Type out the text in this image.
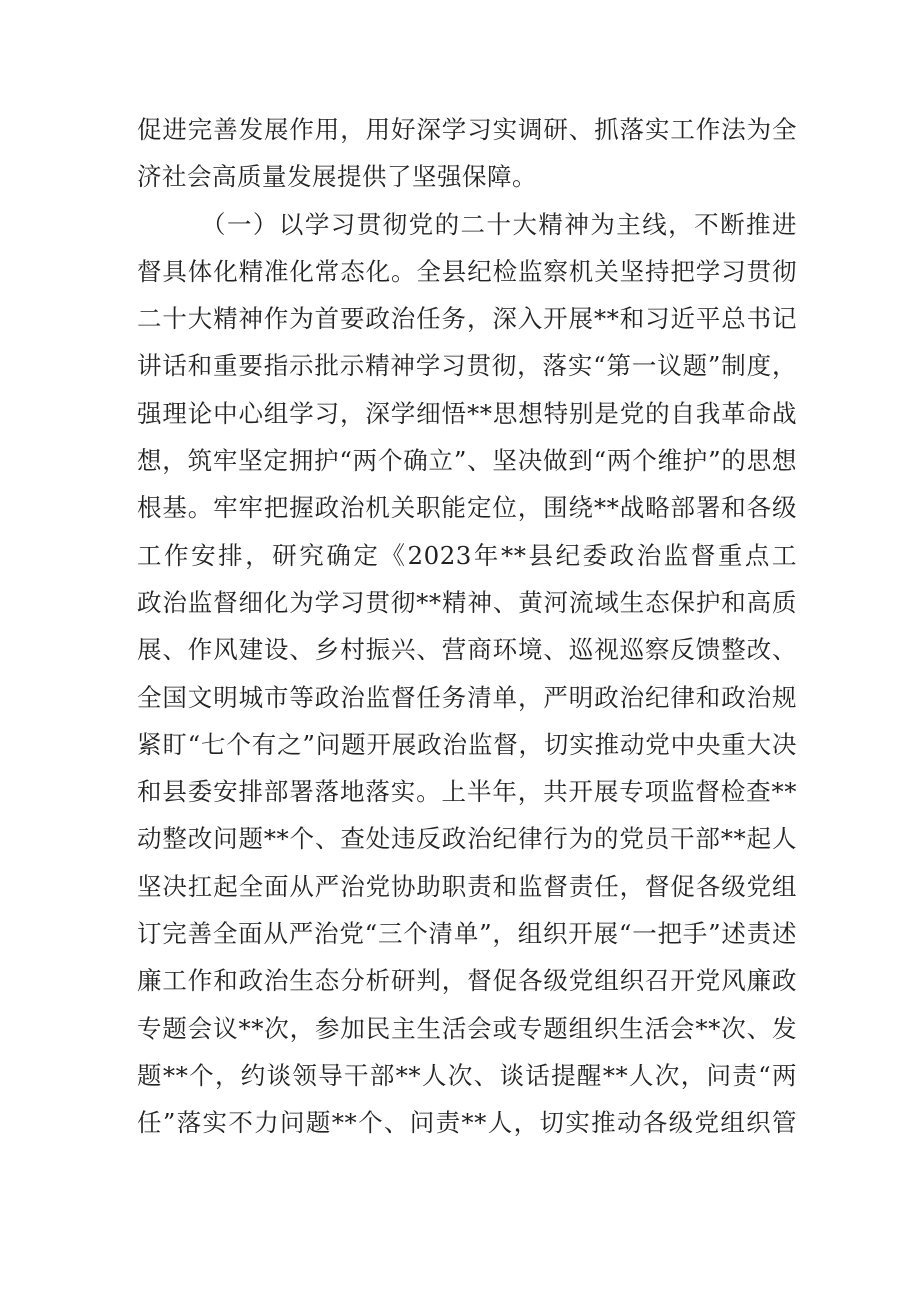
促进完善发展作用，用好深学习实调研、抓落实工作法为全
济社会高质量发展提供了坚强保障。
（一）以学习贯彻党的二十大精神为主线，不断推进
督具体化精准化常态化。全县纪检监察机关坚持把学习贯彻
二十大精神作为首要政治任务，深入开展**和习近平总书记
讲话和重要指示批示精神学习贯彻，落实“第一议题”制度，
强理论中心组学习，深学细悟**思想特别是党的自我革命战
想，筑牢坚定拥护“两个确立”、坚决做到“两个维护”的思想
根基。牢牢把握政治机关职能定位，围绕**战略部署和各级
工作安排，研究确定《2023年**县纪委政治监督重点工
政治监督细化为学习贯彻**精神、黄河流域生态保护和高质
展、作风建设、乡村振兴、营商环境、巡视巡察反馈整改、
全国文明城市等政治监督任务清单，严明政治纪律和政治规
紧盯“七个有之”问题开展政治监督，切实推动党中央重大决
和县委安排部署落地落实。上半年，共开展专项监督检查**
动整改问题**个、查处违反政治纪律行为的党员干部**起人
坚决扛起全面从严治党协助职责和监督责任，督促各级党组
订完善全面从严治党“三个清单”，组织开展“一把手”述责述
廉工作和政治生态分析研判，督促各级党组织召开党风廉政
专题会议**次，参加民主生活会或专题组织生活会**次、发
题**个，约谈领导干部**人次、谈话提醒**人次，问责“两
任”落实不力问题**个、问责**人，切实推动各级党组织管
